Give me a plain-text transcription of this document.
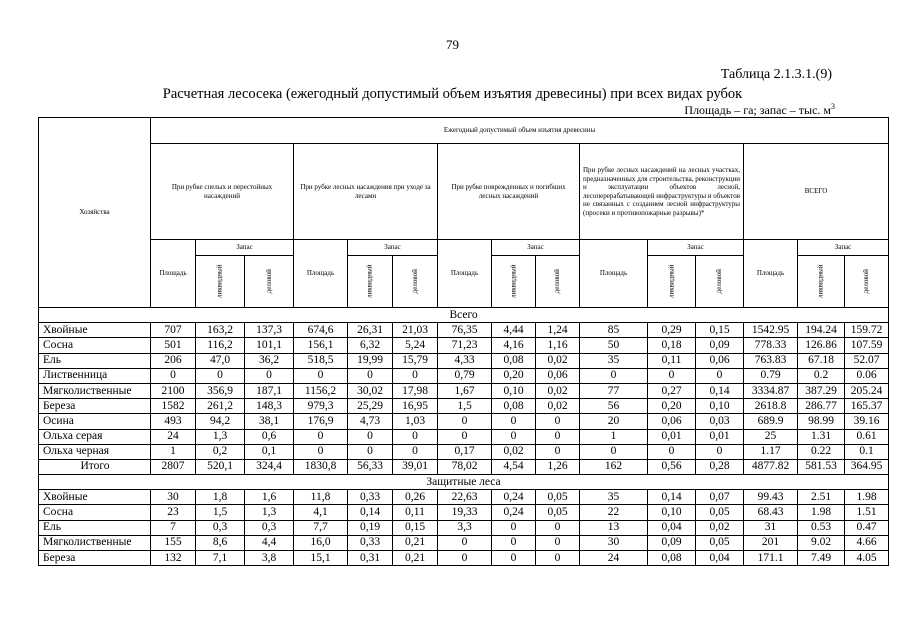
79
Таблица 2.1.3.1.(9)
Расчетная лесосека (ежегодный допустимый объем изъятия древесины) при всех видах рубок
Площадь – га; запас – тыс. $м^3$
Хозяйства	Ежегодный допустимый объем изъятия древесины														
	При рубке спелых и перестойных насаждений			При рубке лесных насаждения при уходе за лесами			При рубке поврежденных и погибших лесных насаждений			При рубке лесных насаждений на лесных участках, предназначенных для строительства, реконструкции и эксплуатации объектов лесной, лесоперерабатывающей инфраструктуры и объектов не связанных с созданием лесной инфраструктуры (просеки и противопожарные разрывы)*			ВСЕГО		
	Площадь	Запас		Площадь	Запас		Площадь	Запас		Площадь	Запас		Площадь	Запас	
		ликвидный	деловой		ликвидный	деловой		ликвидный	деловой		ликвидный	деловой		ликвидный	деловой
Всего															
Хвойные	707	163,2	137,3	674,6	26,31	21,03	76,35	4,44	1,24	85	0,29	0,15	1542.95	194.24	159.72
Сосна	501	116,2	101,1	156,1	6,32	5,24	71,23	4,16	1,16	50	0,18	0,09	778.33	126.86	107.59
Ель	206	47,0	36,2	518,5	19,99	15,79	4,33	0,08	0,02	35	0,11	0,06	763.83	67.18	52.07
Лиственница	0	0	0	0	0	0	0,79	0,20	0,06	0	0	0	0.79	0.2	0.06
Мягколиственные	2100	356,9	187,1	1156,2	30,02	17,98	1,67	0,10	0,02	77	0,27	0,14	3334.87	387.29	205.24
Береза	1582	261,2	148,3	979,3	25,29	16,95	1,5	0,08	0,02	56	0,20	0,10	2618.8	286.77	165.37
Осина	493	94,2	38,1	176,9	4,73	1,03	0	0	0	20	0,06	0,03	689.9	98.99	39.16
Ольха серая	24	1,3	0,6	0	0	0	0	0	0	1	0,01	0,01	25	1.31	0.61
Ольха черная	1	0,2	0,1	0	0	0	0,17	0,02	0	0	0	0	1.17	0.22	0.1
Итого	2807	520,1	324,4	1830,8	56,33	39,01	78,02	4,54	1,26	162	0,56	0,28	4877.82	581.53	364.95
Защитные леса															
Хвойные	30	1,8	1,6	11,8	0,33	0,26	22,63	0,24	0,05	35	0,14	0,07	99.43	2.51	1.98
Сосна	23	1,5	1,3	4,1	0,14	0,11	19,33	0,24	0,05	22	0,10	0,05	68.43	1.98	1.51
Ель	7	0,3	0,3	7,7	0,19	0,15	3,3	0	0	13	0,04	0,02	31	0.53	0.47
Мягколиственные	155	8,6	4,4	16,0	0,33	0,21	0	0	0	30	0,09	0,05	201	9.02	4.66
Береза	132	7,1	3,8	15,1	0,31	0,21	0	0	0	24	0,08	0,04	171.1	7.49	4.05
